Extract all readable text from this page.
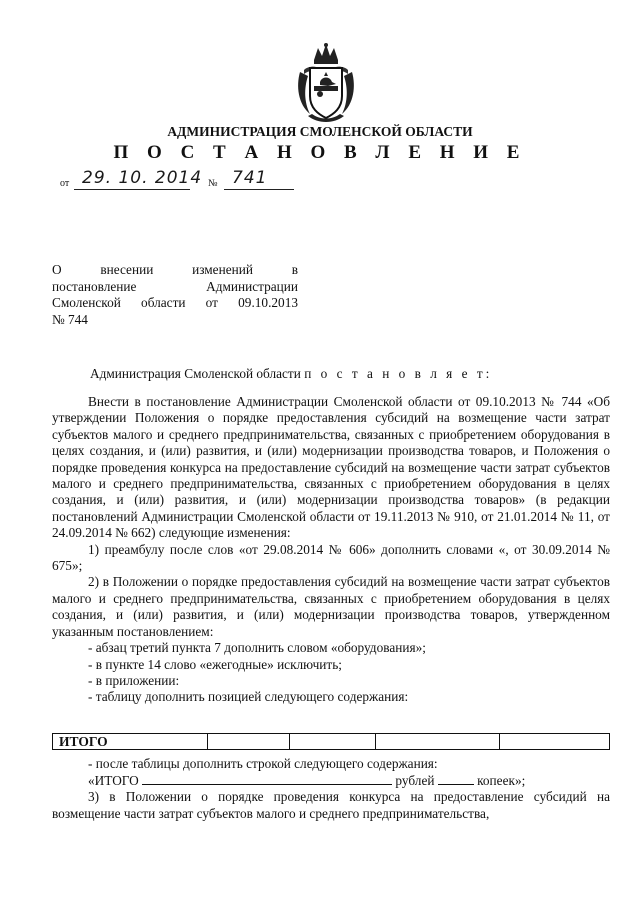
АДМИНИСТРАЦИЯ СМОЛЕНСКОЙ ОБЛАСТИ
П О С Т А Н О В Л Е Н И Е
от 29. 10. 2014 № 741
О внесении изменений в
постановление Администрации
Смоленской области от 09.10.2013
№ 744
Администрация Смоленской области п о с т а н о в л я е т:

Внести в постановление Администрации Смоленской области от 09.10.2013 № 744 «Об утверждении Положения о порядке предоставления субсидий на возмещение части затрат субъектов малого и среднего предпринимательства, связанных с приобретением оборудования в целях создания, и (или) развития, и (или) модернизации производства товаров, и Положения о порядке проведения конкурса на предоставление субсидий на возмещение части затрат субъектов малого и среднего предпринимательства, связанных с приобретением оборудования в целях создания, и (или) развития, и (или) модернизации производства товаров» (в редакции постановлений Администрации Смоленской области от 19.11.2013 № 910, от 21.01.2014 № 11, от 24.09.2014 № 662) следующие изменения:

1) преамбулу после слов «от 29.08.2014 № 606» дополнить словами «, от 30.09.2014 № 675»;

2) в Положении о порядке предоставления субсидий на возмещение части затрат субъектов малого и среднего предпринимательства, связанных с приобретением оборудования в целях создания, и (или) развития, и (или) модернизации производства товаров, утвержденном указанным постановлением:

- абзац третий пункта 7 дополнить словом «оборудования»;

- в пункте 14 слово «ежегодные» исключить;

- в приложении:

- таблицу дополнить позицией следующего содержания:

ИТОГО

- после таблицы дополнить строкой следующего содержания:

«ИТОГО	рублей	копеек»;

3) в Положении о порядке проведения конкурса на предоставление субсидий на возмещение части затрат субъектов малого и среднего предпринимательства,
